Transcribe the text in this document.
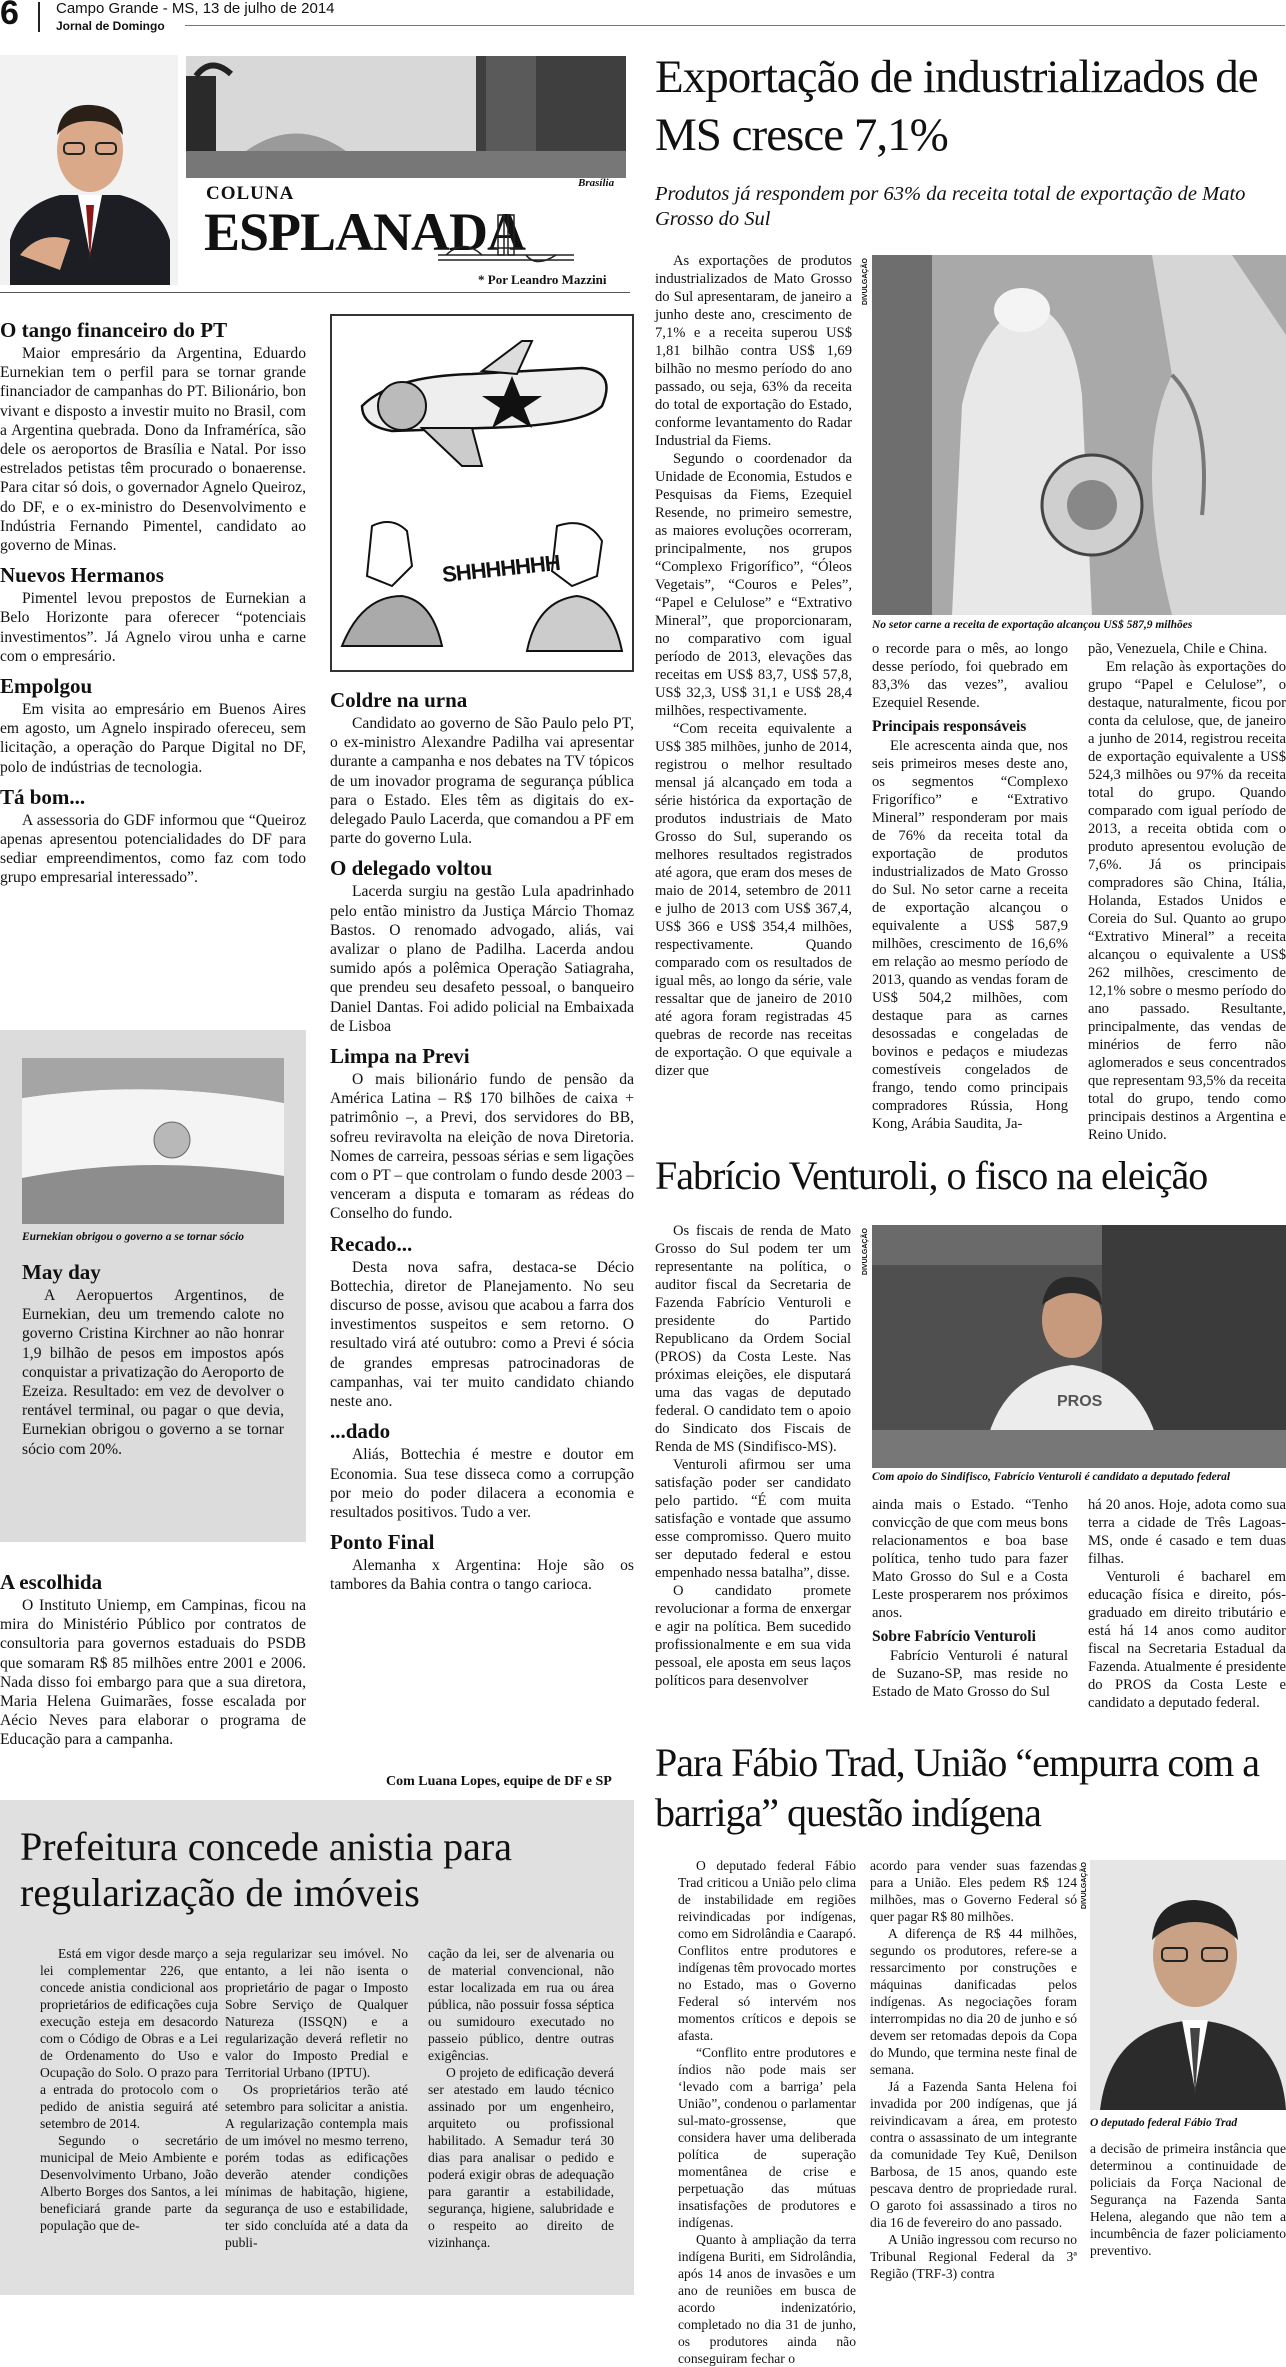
6 Campo Grande - MS, 13 de julho de 2014
Jornal de Domingo
Brasília
COLUNA
ESPLANADA
* Por Leandro Mazzini
O tango financeiro do PT

Maior empresário da Argentina, Eduardo Eurnekian tem o perfil para se tornar grande financiador de campanhas do PT. Bilionário, bon vivant e disposto a investir muito no Brasil, com a Argentina quebrada. Dono da Inframéríca, são dele os aeroportos de Brasília e Natal. Por isso estrelados petistas têm procurado o bonaerense. Para citar só dois, o governador Agnelo Queiroz, do DF, e o ex-ministro do Desenvolvimento e Indústria Fernando Pimentel, candidato ao governo de Minas.

Nuevos Hermanos

Pimentel levou prepostos de Eurnekian a Belo Horizonte para oferecer “potenciais investimentos”. Já Agnelo virou unha e carne com o empresário.

Empolgou

Em visita ao empresário em Buenos Aires em agosto, um Agnelo inspirado ofereceu, sem licitação, a operação do Parque Digital no DF, polo de indústrias de tecnologia.

Tá bom...

A assessoria do GDF informou que “Queiroz apenas apresentou potencialidades do DF para sediar empreendimentos, como faz com todo grupo empresarial interessado”.

Eurnekian obrigou o governo a se tornar sócio
May day

A Aeropuertos Argentinos, de Eurnekian, deu um tremendo calote no governo Cristina Kirchner ao não honrar 1,9 bilhão de pesos em impostos após conquistar a privatização do Aeroporto de Ezeiza. Resultado: em vez de devolver o rentável terminal, ou pagar o que devia, Eurnekian obrigou o governo a se tornar sócio com 20%.

A escolhida

O Instituto Uniemp, em Campinas, ficou na mira do Ministério Público por contratos de consultoria para governos estaduais do PSDB que somaram R$ 85 milhões entre 2001 e 2006. Nada disso foi embargo para que a sua diretora, Maria Helena Guimarães, fosse escalada por Aécio Neves para elaborar o programa de Educação para a campanha.

SHHHHHHH
Coldre na urna

Candidato ao governo de São Paulo pelo PT, o ex-ministro Alexandre Padilha vai apresentar durante a campanha e nos debates na TV tópicos de um inovador programa de segurança pública para o Estado. Eles têm as digitais do ex-delegado Paulo Lacerda, que comandou a PF em parte do governo Lula.

O delegado voltou

Lacerda surgiu na gestão Lula apadrinhado pelo então ministro da Justiça Márcio Thomaz Bastos. O renomado advogado, aliás, vai avalizar o plano de Padilha. Lacerda andou sumido após a polêmica Operação Satiagraha, que prendeu seu desafeto pessoal, o banqueiro Daniel Dantas. Foi adido policial na Embaixada de Lisboa

Limpa na Previ

O mais bilionário fundo de pensão da América Latina – R$ 170 bilhões de caixa + patrimônio –, a Previ, dos servidores do BB, sofreu reviravolta na eleição de nova Diretoria. Nomes de carreira, pessoas sérias e sem ligações com o PT – que controlam o fundo desde 2003 – venceram a disputa e tomaram as rédeas do Conselho do fundo.

Recado...

Desta nova safra, destaca-se Décio Bottechia, diretor de Planejamento. No seu discurso de posse, avisou que acabou a farra dos investimentos suspeitos e sem retorno. O resultado virá até outubro: como a Previ é sócia de grandes empresas patrocinadoras de campanhas, vai ter muito candidato chiando neste ano.

...dado

Aliás, Bottechia é mestre e doutor em Economia. Sua tese disseca como a corrupção por meio do poder dilacera a economia e resultados positivos. Tudo a ver.

Ponto Final

Alemanha x Argentina: Hoje são os tambores da Bahia contra o tango carioca.

Com Luana Lopes, equipe de DF e SP
Prefeitura concede anistia para regularização de imóveis

Está em vigor desde março a lei complementar 226, que concede anistia condicional aos proprietários de edificações cuja execução esteja em desacordo com o Código de Obras e a Lei de Ordenamento do Uso e Ocupação do Solo. O prazo para a entrada do protocolo com o pedido de anistia seguirá até setembro de 2014.

Segundo o secretário municipal de Meio Ambiente e Desenvolvimento Urbano, João Alberto Borges dos Santos, a lei beneficiará grande parte da população que de-

seja regularizar seu imóvel. No entanto, a lei não isenta o proprietário de pagar o Imposto Sobre Serviço de Qualquer Natureza (ISSQN) e a regularização deverá refletir no valor do Imposto Predial e Territorial Urbano (IPTU).

Os proprietários terão até setembro para solicitar a anistia. A regularização contempla mais de um imóvel no mesmo terreno, porém todas as edificações deverão atender condições mínimas de habitação, higiene, segurança de uso e estabilidade, ter sido concluída até a data da publi-

cação da lei, ser de alvenaria ou de material convencional, não estar localizada em rua ou área pública, não possuir fossa séptica ou sumidouro executado no passeio público, dentre outras exigências.

O projeto de edificação deverá ser atestado em laudo técnico assinado por um engenheiro, arquiteto ou profissional habilitado. A Semadur terá 30 dias para analisar o pedido e poderá exigir obras de adequação para garantir a estabilidade, segurança, higiene, salubridade e o respeito ao direito de vizinhança.

Exportação de industrializados de MS cresce 7,1%
Produtos já respondem por 63% da receita total de exportação de Mato Grosso do Sul

As exportações de produtos industrializados de Mato Grosso do Sul apresentaram, de janeiro a junho deste ano, crescimento de 7,1% e a receita superou US$ 1,81 bilhão contra US$ 1,69 bilhão no mesmo período do ano passado, ou seja, 63% da receita do total de exportação do Estado, conforme levantamento do Radar Industrial da Fiems.

Segundo o coordenador da Unidade de Economia, Estudos e Pesquisas da Fiems, Ezequiel Resende, no primeiro semestre, as maiores evoluções ocorreram, principalmente, nos grupos “Complexo Frigorífico”, “Óleos Vegetais”, “Couros e Peles”, “Papel e Celulose” e “Extrativo Mineral”, que proporcionaram, no comparativo com igual período de 2013, elevações das receitas em US$ 83,7, US$ 57,8, US$ 32,3, US$ 31,1 e US$ 28,4 milhões, respectivamente.

“Com receita equivalente a US$ 385 milhões, junho de 2014, registrou o melhor resultado mensal já alcançado em toda a série histórica da exportação de produtos industriais de Mato Grosso do Sul, superando os melhores resultados registrados até agora, que eram dos meses de maio de 2014, setembro de 2011 e julho de 2013 com US$ 367,4, US$ 366 e US$ 354,4 milhões, respectivamente. Quando comparado com os resultados de igual mês, ao longo da série, vale ressaltar que de janeiro de 2010 até agora foram registradas 45 quebras de recorde nas receitas de exportação. O que equivale a dizer que

DIVULGAÇÃO
No setor carne a receita de exportação alcançou US$ 587,9 milhões

o recorde para o mês, ao longo desse período, foi quebrado em 83,3% das vezes”, avaliou Ezequiel Resende.

Principais responsáveis

Ele acrescenta ainda que, nos seis primeiros meses deste ano, os segmentos “Complexo Frigorífico” e “Extrativo Mineral” responderam por mais de 76% da receita total da exportação de produtos industrializados de Mato Grosso do Sul. No setor carne a receita de exportação alcançou o equivalente a US$ 587,9 milhões, crescimento de 16,6% em relação ao mesmo período de 2013, quando as vendas foram de US$ 504,2 milhões, com destaque para as carnes desossadas e congeladas de bovinos e pedaços e miudezas comestíveis congelados de frango, tendo como principais compradores Rússia, Hong Kong, Arábia Saudita, Ja-

pão, Venezuela, Chile e China.

Em relação às exportações do grupo “Papel e Celulose”, o destaque, naturalmente, ficou por conta da celulose, que, de janeiro a junho de 2014, registrou receita de exportação equivalente a US$ 524,3 milhões ou 97% da receita total do grupo. Quando comparado com igual período de 2013, a receita obtida com o produto apresentou evolução de 7,6%. Já os principais compradores são China, Itália, Holanda, Estados Unidos e Coreia do Sul. Quanto ao grupo “Extrativo Mineral” a receita alcançou o equivalente a US$ 262 milhões, crescimento de 12,1% sobre o mesmo período do ano passado. Resultante, principalmente, das vendas de minérios de ferro não aglomerados e seus concentrados que representam 93,5% da receita total do grupo, tendo como principais destinos a Argentina e Reino Unido.

Fabrício Venturoli, o fisco na eleição

Os fiscais de renda de Mato Grosso do Sul podem ter um representante na política, o auditor fiscal da Secretaria de Fazenda Fabrício Venturoli e presidente do Partido Republicano da Ordem Social (PROS) da Costa Leste. Nas próximas eleições, ele disputará uma das vagas de deputado federal. O candidato tem o apoio do Sindicato dos Fiscais de Renda de MS (Sindifisco-MS).

Venturoli afirmou ser uma satisfação poder ser candidato pelo partido. “É com muita satisfação e vontade que assumo esse compromisso. Quero muito ser deputado federal e estou empenhado nessa batalha”, disse.

O candidato promete revolucionar a forma de enxergar e agir na política. Bem sucedido profissionalmente e em sua vida pessoal, ele aposta em seus laços políticos para desenvolver

PROS
DIVULGAÇÃO
Com apoio do Sindifisco, Fabrício Venturoli é candidato a deputado federal

ainda mais o Estado. “Tenho convicção de que com meus bons relacionamentos e boa base política, tenho tudo para fazer Mato Grosso do Sul e a Costa Leste prosperarem nos próximos anos.

Sobre Fabrício Venturoli

Fabrício Venturoli é natural de Suzano-SP, mas reside no Estado de Mato Grosso do Sul

há 20 anos. Hoje, adota como sua terra a cidade de Três Lagoas-MS, onde é casado e tem duas filhas.

Venturoli é bacharel em educação física e direito, pós-graduado em direito tributário e está há 14 anos como auditor fiscal na Secretaria Estadual da Fazenda. Atualmente é presidente do PROS da Costa Leste e candidato a deputado federal.

Para Fábio Trad, União “empurra com a barriga” questão indígena

O deputado federal Fábio Trad criticou a União pelo clima de instabilidade em regiões reivindicadas por indígenas, como em Sidrolândia e Caarapó. Conflitos entre produtores e indígenas têm provocado mortes no Estado, mas o Governo Federal só intervém nos momentos críticos e depois se afasta.

“Conflito entre produtores e índios não pode mais ser ‘levado com a barriga’ pela União”, condenou o parlamentar sul-mato-grossense, que considera haver uma deliberada política de superação momentânea de crise e perpetuação das mútuas insatisfações de produtores e indígenas.

Quanto à ampliação da terra indígena Buriti, em Sidrolândia, após 14 anos de invasões e um ano de reuniões em busca de acordo indenizatório, completado no dia 31 de junho, os produtores ainda não conseguiram fechar o

acordo para vender suas fazendas para a União. Eles pedem R$ 124 milhões, mas o Governo Federal só quer pagar R$ 80 milhões.

A diferença de R$ 44 milhões, segundo os produtores, refere-se a ressarcimento por construções e máquinas danificadas pelos indígenas. As negociações foram interrompidas no dia 20 de junho e só devem ser retomadas depois da Copa do Mundo, que termina neste final de semana.

Já a Fazenda Santa Helena foi invadida por 200 indígenas, que já reivindicavam a área, em protesto contra o assassinato de um integrante da comunidade Tey Kuê, Denilson Barbosa, de 15 anos, quando este pescava dentro de propriedade rural. O garoto foi assassinado a tiros no dia 16 de fevereiro do ano passado.

A União ingressou com recurso no Tribunal Regional Federal da 3ª Região (TRF-3) contra

DIVULGAÇÃO
O deputado federal Fábio Trad

a decisão de primeira instância que determinou a continuidade de policiais da Força Nacional de Segurança na Fazenda Santa Helena, alegando que não tem a incumbência de fazer policiamento preventivo.
